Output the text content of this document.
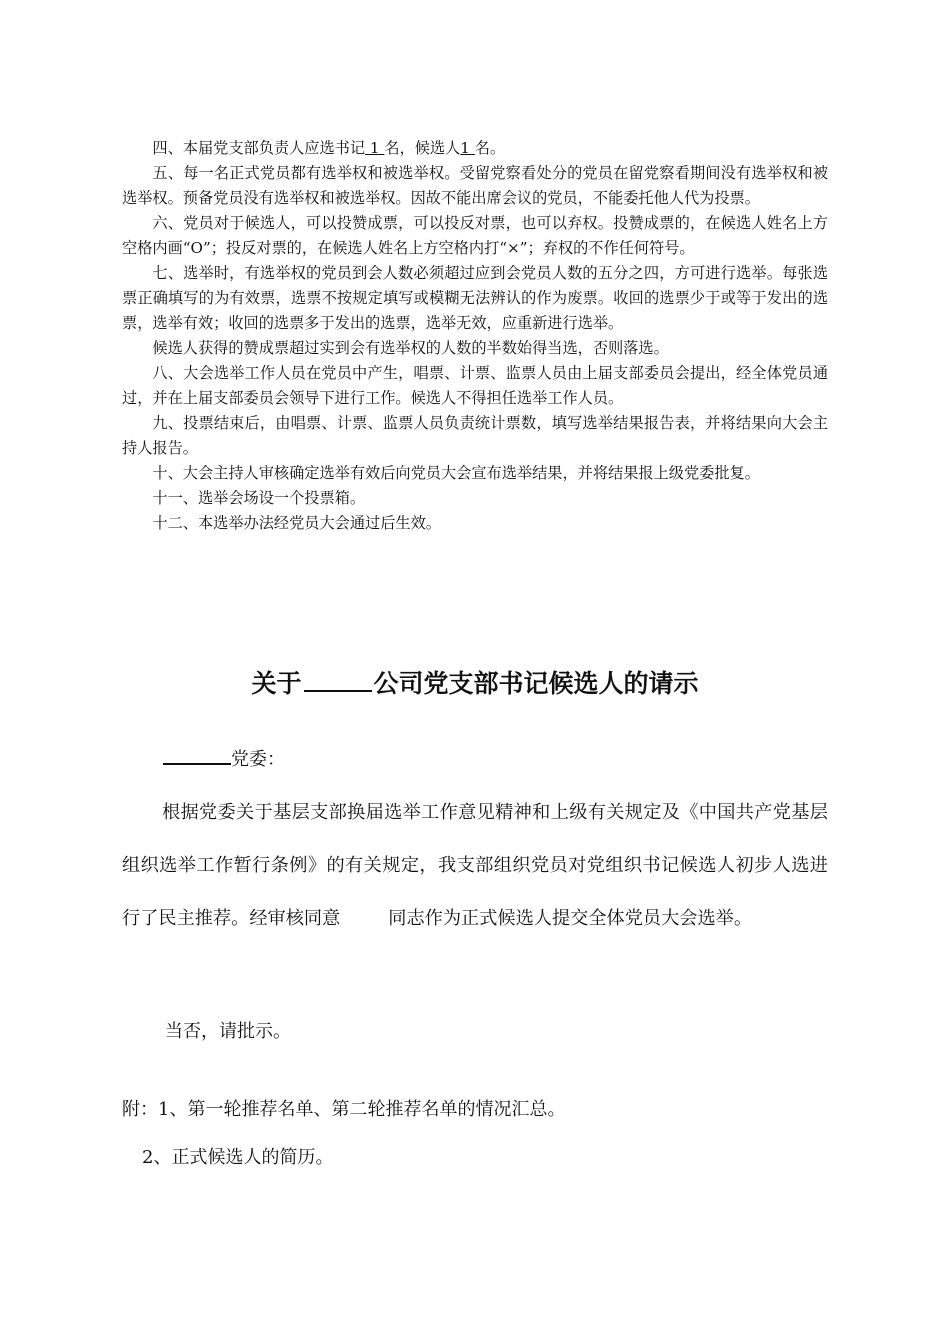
四、本届党支部负责人应选书记 1 名，候选人1 名。

五、每一名正式党员都有选举权和被选举权。受留党察看处分的党员在留党察看期间没有选举权和被选举权。预备党员没有选举权和被选举权。因故不能出席会议的党员，不能委托他人代为投票。

六、党员对于候选人，可以投赞成票，可以投反对票，也可以弃权。投赞成票的，在候选人姓名上方空格内画“O”；投反对票的，在候选人姓名上方空格内打“×”；弃权的不作任何符号。

七、选举时，有选举权的党员到会人数必须超过应到会党员人数的五分之四，方可进行选举。每张选票正确填写的为有效票，选票不按规定填写或模糊无法辨认的作为废票。收回的选票少于或等于发出的选票，选举有效；收回的选票多于发出的选票，选举无效，应重新进行选举。

候选人获得的赞成票超过实到会有选举权的人数的半数始得当选，否则落选。

八、大会选举工作人员在党员中产生，唱票、计票、监票人员由上届支部委员会提出，经全体党员通过，并在上届支部委员会领导下进行工作。候选人不得担任选举工作人员。

九、投票结束后，由唱票、计票、监票人员负责统计票数，填写选举结果报告表，并将结果向大会主持人报告。

十、大会主持人审核确定选举有效后向党员大会宣布选举结果，并将结果报上级党委批复。

十一、选举会场设一个投票箱。

十二、本选举办法经党员大会通过后生效。

关于	公司党支部书记候选人的请示
党委：

根据党委关于基层支部换届选举工作意见精神和上级有关规定及《中国共产党基层组织选举工作暂行条例》的有关规定，我支部组织党员对党组织书记候选人初步人选进行了民主推荐。经审核同意	同志作为正式候选人提交全体党员大会选举。

当否，请批示。
附：1、第一轮推荐名单、第二轮推荐名单的情况汇总。
2、正式候选人的简历。
